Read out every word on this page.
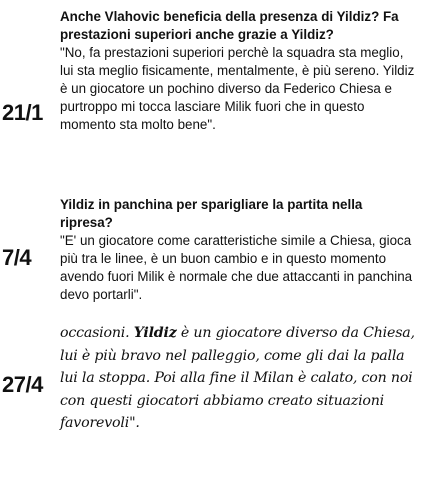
21/1

Anche Vlahovic beneficia della presenza di Yildiz? Fa prestazioni superiori anche grazie a Yildiz?

"No, fa prestazioni superiori perchè la squadra sta meglio, lui sta meglio fisicamente, mentalmente, è più sereno. Yildiz è un giocatore un pochino diverso da Federico Chiesa e purtroppo mi tocca lasciare Milik fuori che in questo momento sta molto bene".

7/4

Yildiz in panchina per sparigliare la partita nella ripresa?

"E' un giocatore come caratteristiche simile a Chiesa, gioca più tra le linee, è un buon cambio e in questo momento avendo fuori Milik è normale che due attaccanti in panchina devo portarli".

27/4

occasioni. Yildiz è un giocatore diverso da Chiesa, lui è più bravo nel palleggio, come gli dai la palla lui la stoppa. Poi alla fine il Milan è calato, con noi con questi giocatori abbiamo creato situazioni favorevoli".
